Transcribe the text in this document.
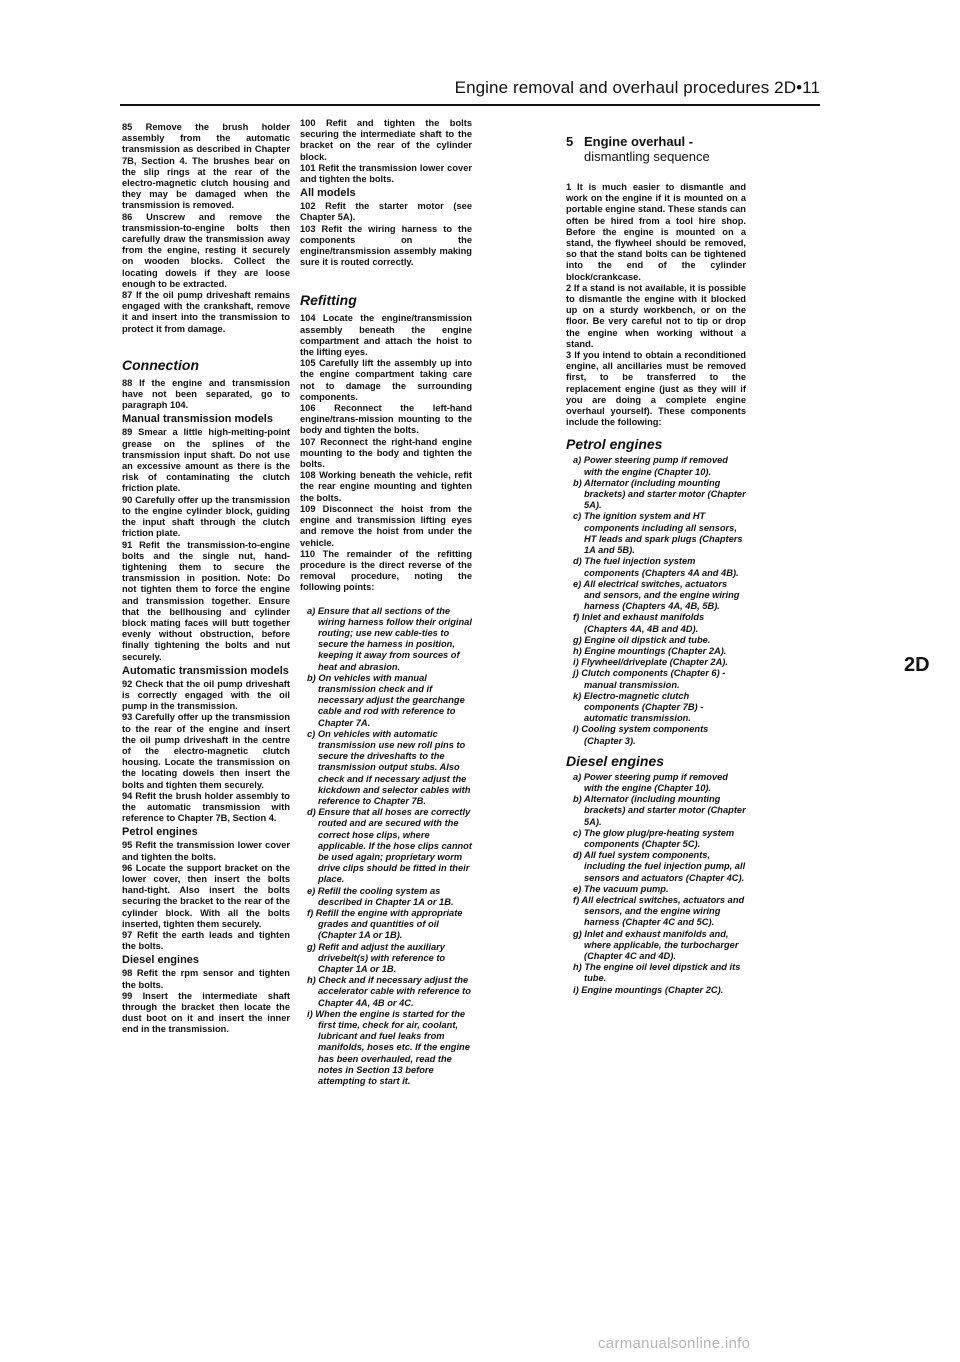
Engine removal and overhaul procedures 2D•11

85 Remove the brush holder assembly from the automatic transmission as described in Chapter 7B, Section 4. The brushes bear on the slip rings at the rear of the electro-magnetic clutch housing and they may be damaged when the transmission is removed.

86 Unscrew and remove the transmission-to-engine bolts then carefully draw the transmission away from the engine, resting it securely on wooden blocks. Collect the locating dowels if they are loose enough to be extracted.

87 If the oil pump driveshaft remains engaged with the crankshaft, remove it and insert into the transmission to protect it from damage.

Connection

88 If the engine and transmission have not been separated, go to paragraph 104.

Manual transmission models

89 Smear a little high-melting-point grease on the splines of the transmission input shaft. Do not use an excessive amount as there is the risk of contaminating the clutch friction plate.

90 Carefully offer up the transmission to the engine cylinder block, guiding the input shaft through the clutch friction plate.

91 Refit the transmission-to-engine bolts and the single nut, hand-tightening them to secure the transmission in position. Note: Do not tighten them to force the engine and transmission together. Ensure that the bellhousing and cylinder block mating faces will butt together evenly without obstruction, before finally tightening the bolts and nut securely.

Automatic transmission models

92 Check that the oil pump driveshaft is correctly engaged with the oil pump in the transmission.

93 Carefully offer up the transmission to the rear of the engine and insert the oil pump driveshaft in the centre of the electro-magnetic clutch housing. Locate the transmission on the locating dowels then insert the bolts and tighten them securely.

94 Refit the brush holder assembly to the automatic transmission with reference to Chapter 7B, Section 4.

Petrol engines

95 Refit the transmission lower cover and tighten the bolts.

96 Locate the support bracket on the lower cover, then insert the bolts hand-tight. Also insert the bolts securing the bracket to the rear of the cylinder block. With all the bolts inserted, tighten them securely.

97 Refit the earth leads and tighten the bolts.

Diesel engines

98 Refit the rpm sensor and tighten the bolts.

99 Insert the intermediate shaft through the bracket then locate the dust boot on it and insert the inner end in the transmission.

100 Refit and tighten the bolts securing the intermediate shaft to the bracket on the rear of the cylinder block.

101 Refit the transmission lower cover and tighten the bolts.

All models

102 Refit the starter motor (see Chapter 5A).

103 Refit the wiring harness to the components on the engine/transmission assembly making sure it is routed correctly.

Refitting

104 Locate the engine/transmission assembly beneath the engine compartment and attach the hoist to the lifting eyes.

105 Carefully lift the assembly up into the engine compartment taking care not to damage the surrounding components.

106 Reconnect the left-hand engine/trans-mission mounting to the body and tighten the bolts.

107 Reconnect the right-hand engine mounting to the body and tighten the bolts.

108 Working beneath the vehicle, refit the rear engine mounting and tighten the bolts.

109 Disconnect the hoist from the engine and transmission lifting eyes and remove the hoist from under the vehicle.

110 The remainder of the refitting procedure is the direct reverse of the removal procedure, noting the following points:

a) Ensure that all sections of the wiring harness follow their original routing; use new cable-ties to secure the harness in position, keeping it away from sources of heat and abrasion.
b) On vehicles with manual transmission check and if necessary adjust the gearchange cable and rod with reference to Chapter 7A.
c) On vehicles with automatic transmission use new roll pins to secure the driveshafts to the transmission output stubs. Also check and if necessary adjust the kickdown and selector cables with reference to Chapter 7B.
d) Ensure that all hoses are correctly routed and are secured with the correct hose clips, where applicable. If the hose clips cannot be used again; proprietary worm drive clips should be fitted in their place.
e) Refill the cooling system as described in Chapter 1A or 1B.
f) Refill the engine with appropriate grades and quantities of oil (Chapter 1A or 1B).
g) Refit and adjust the auxiliary drivebelt(s) with reference to Chapter 1A or 1B.
h) Check and if necessary adjust the accelerator cable with reference to Chapter 4A, 4B or 4C.
i) When the engine is started for the first time, check for air, coolant, lubricant and fuel leaks from manifolds, hoses etc. If the engine has been overhauled, read the notes in Section 13 before attempting to start it.
5 Engine overhaul -
dismantling sequence

1 It is much easier to dismantle and work on the engine if it is mounted on a portable engine stand. These stands can often be hired from a tool hire shop. Before the engine is mounted on a stand, the flywheel should be removed, so that the stand bolts can be tightened into the end of the cylinder block/crankcase.

2 If a stand is not available, it is possible to dismantle the engine with it blocked up on a sturdy workbench, or on the floor. Be very careful not to tip or drop the engine when working without a stand.

3 If you intend to obtain a reconditioned engine, all ancillaries must be removed first, to be transferred to the replacement engine (just as they will if you are doing a complete engine overhaul yourself). These components include the following:

Petrol engines
a) Power steering pump if removed with the engine (Chapter 10).
b) Alternator (including mounting brackets) and starter motor (Chapter 5A).
c) The ignition system and HT components including all sensors, HT leads and spark plugs (Chapters 1A and 5B).
d) The fuel injection system components (Chapters 4A and 4B).
e) All electrical switches, actuators and sensors, and the engine wiring harness (Chapters 4A, 4B, 5B).
f) Inlet and exhaust manifolds (Chapters 4A, 4B and 4D).
g) Engine oil dipstick and tube.
h) Engine mountings (Chapter 2A).
i) Flywheel/driveplate (Chapter 2A).
j) Clutch components (Chapter 6) - manual transmission.
k) Electro-magnetic clutch components (Chapter 7B) - automatic transmission.
l) Cooling system components (Chapter 3).
Diesel engines
a) Power steering pump if removed with the engine (Chapter 10).
b) Alternator (including mounting brackets) and starter motor (Chapter 5A).
c) The glow plug/pre-heating system components (Chapter 5C).
d) All fuel system components, including the fuel injection pump, all sensors and actuators (Chapter 4C).
e) The vacuum pump.
f) All electrical switches, actuators and sensors, and the engine wiring harness (Chapter 4C and 5C).
g) Inlet and exhaust manifolds and, where applicable, the turbocharger (Chapter 4C and 4D).
h) The engine oil level dipstick and its tube.
i) Engine mountings (Chapter 2C).
2D
carmanualsonline.info
